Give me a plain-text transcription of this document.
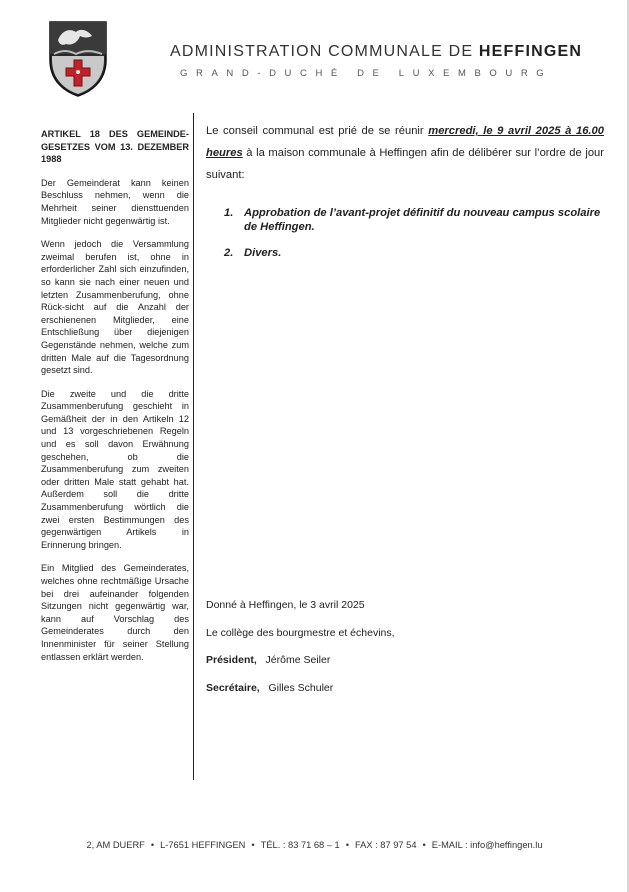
ADMINISTRATION COMMUNALE DE HEFFINGEN
GRAND-DUCHÉ DE LUXEMBOURG
ARTIKEL 18 DES GEMEINDE-GESETZES VOM 13. DEZEMBER 1988

Der Gemeinderat kann keinen Beschluss nehmen, wenn die Mehrheit seiner diensttuenden Mitglieder nicht gegenwärtig ist.

Wenn jedoch die Versammlung zweimal berufen ist, ohne in erforderlicher Zahl sich einzufinden, so kann sie nach einer neuen und letzten Zusammenberufung, ohne Rück-sicht auf die Anzahl der erschienenen Mitglieder, eine Entschließung über diejenigen Gegenstände nehmen, welche zum dritten Male auf die Tagesordnung gesetzt sind.

Die zweite und die dritte Zusammenberufung geschieht in Gemäßheit der in den Artikeln 12 und 13 vorgeschriebenen Regeln und es soll davon Erwähnung geschehen, ob die Zusammenberufung zum zweiten oder dritten Male statt gehabt hat. Außerdem soll die dritte Zusammenberufung wörtlich die zwei ersten Bestimmungen des gegenwärtigen Artikels in Erinnerung bringen.

Ein Mitglied des Gemeinderates, welches ohne rechtmäßige Ursache bei drei aufeinander folgenden Sitzungen nicht gegenwärtig war, kann auf Vorschlag des Gemeinderates durch den Innenminister für seiner Stellung entlassen erklärt werden.

Le conseil communal est prié de se réunir mercredi, le 9 avril 2025 à 16.00 heures à la maison communale à Heffingen afin de délibérer sur l’ordre de jour suivant:

1. Approbation de l’avant-projet définitif du nouveau campus scolaire de Heffingen.
2. Divers.
Donné à Heffingen, le 3 avril 2025
Le collège des bourgmestre et échevins,
Président, Jérôme Seiler
Secrétaire, Gilles Schuler
2, AM DUERF • L-7651 HEFFINGEN • TÉL. : 83 71 68 – 1 • FAX : 87 97 54 • E-MAIL : info@heffingen.lu
